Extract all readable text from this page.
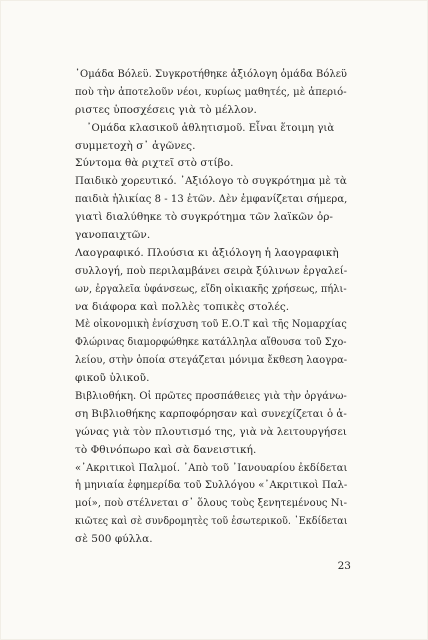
᾿Ομάδα Βόλεϋ. Συγκροτήθηκε ἀξιόλογη ὁμάδα Βόλεϋ
ποὺ τὴν ἀποτελοῦν νέοι, κυρίως μαθητές, μὲ ἀπεριό-
ριστες ὑποσχέσεις γιὰ τὸ μέλλον.
᾿Ομάδα κλασικοῦ ἀθλητισμοῦ. Εἶναι ἕτοιμη γιὰ
συμμετοχὴ σ᾿ ἀγῶνες.
Σύντομα θὰ ριχτεῖ στὸ στίβο.
Παιδικὸ χορευτικό. ᾿Αξιόλογο τὸ συγκρότημα μὲ τὰ
παιδιὰ ἡλικίας 8 - 13 ἐτῶν. Δὲν ἐμφανίζεται σήμερα,
γιατὶ διαλύθηκε τὸ συγκρότημα τῶν λαϊκῶν ὀρ-
γανοπαιχτῶν.
Λαογραφικό. Πλούσια κι ἀξιόλογη ἡ λαογραφικὴ
συλλογή, ποὺ περιλαμβάνει σειρὰ ξύλινων ἐργαλεί-
ων, ἐργαλεῖα ὑφάνσεως, εἴδη οἰκιακῆς χρήσεως, πήλι-
να διάφορα καὶ πολλὲς τοπικὲς στολές.
Μὲ οἰκονομικὴ ἐνίσχυση τοῦ Ε.Ο.Τ καὶ τῆς Νομαρχίας
Φλώρινας διαμορφώθηκε κατάλληλα αἴθουσα τοῦ Σχο-
λείου, στὴν ὁποία στεγάζεται μόνιμα ἔκθεση λαογρα-
φικοῦ ὑλικοῦ.
Βιβλιοθήκη. Οἱ πρῶτες προσπάθειες γιὰ τὴν ὀργάνω-
ση Βιβλιοθήκης καρποφόρησαν καὶ συνεχίζεται ὁ ἀ-
γώνας γιὰ τὸν πλουτισμό της, γιὰ νὰ λειτουργήσει
τὸ Φθινόπωρο καὶ σὰ δανειστική.
«᾿Ακριτικοὶ Παλμοί. ᾿Απὸ τοῦ ᾿Ιανουαρίου ἐκδίδεται
ἡ μηνιαία ἐφημερίδα τοῦ Συλλόγου «᾿Ακριτικοὶ Παλ-
μοί», ποὺ στέλνεται σ᾿ ὅλους τοὺς ξενητεμένους Νι-
κιῶτες καὶ σὲ συνδρομητὲς τοῦ ἐσωτερικοῦ. ᾿Εκδίδεται
σὲ 500 φύλλα.
23
